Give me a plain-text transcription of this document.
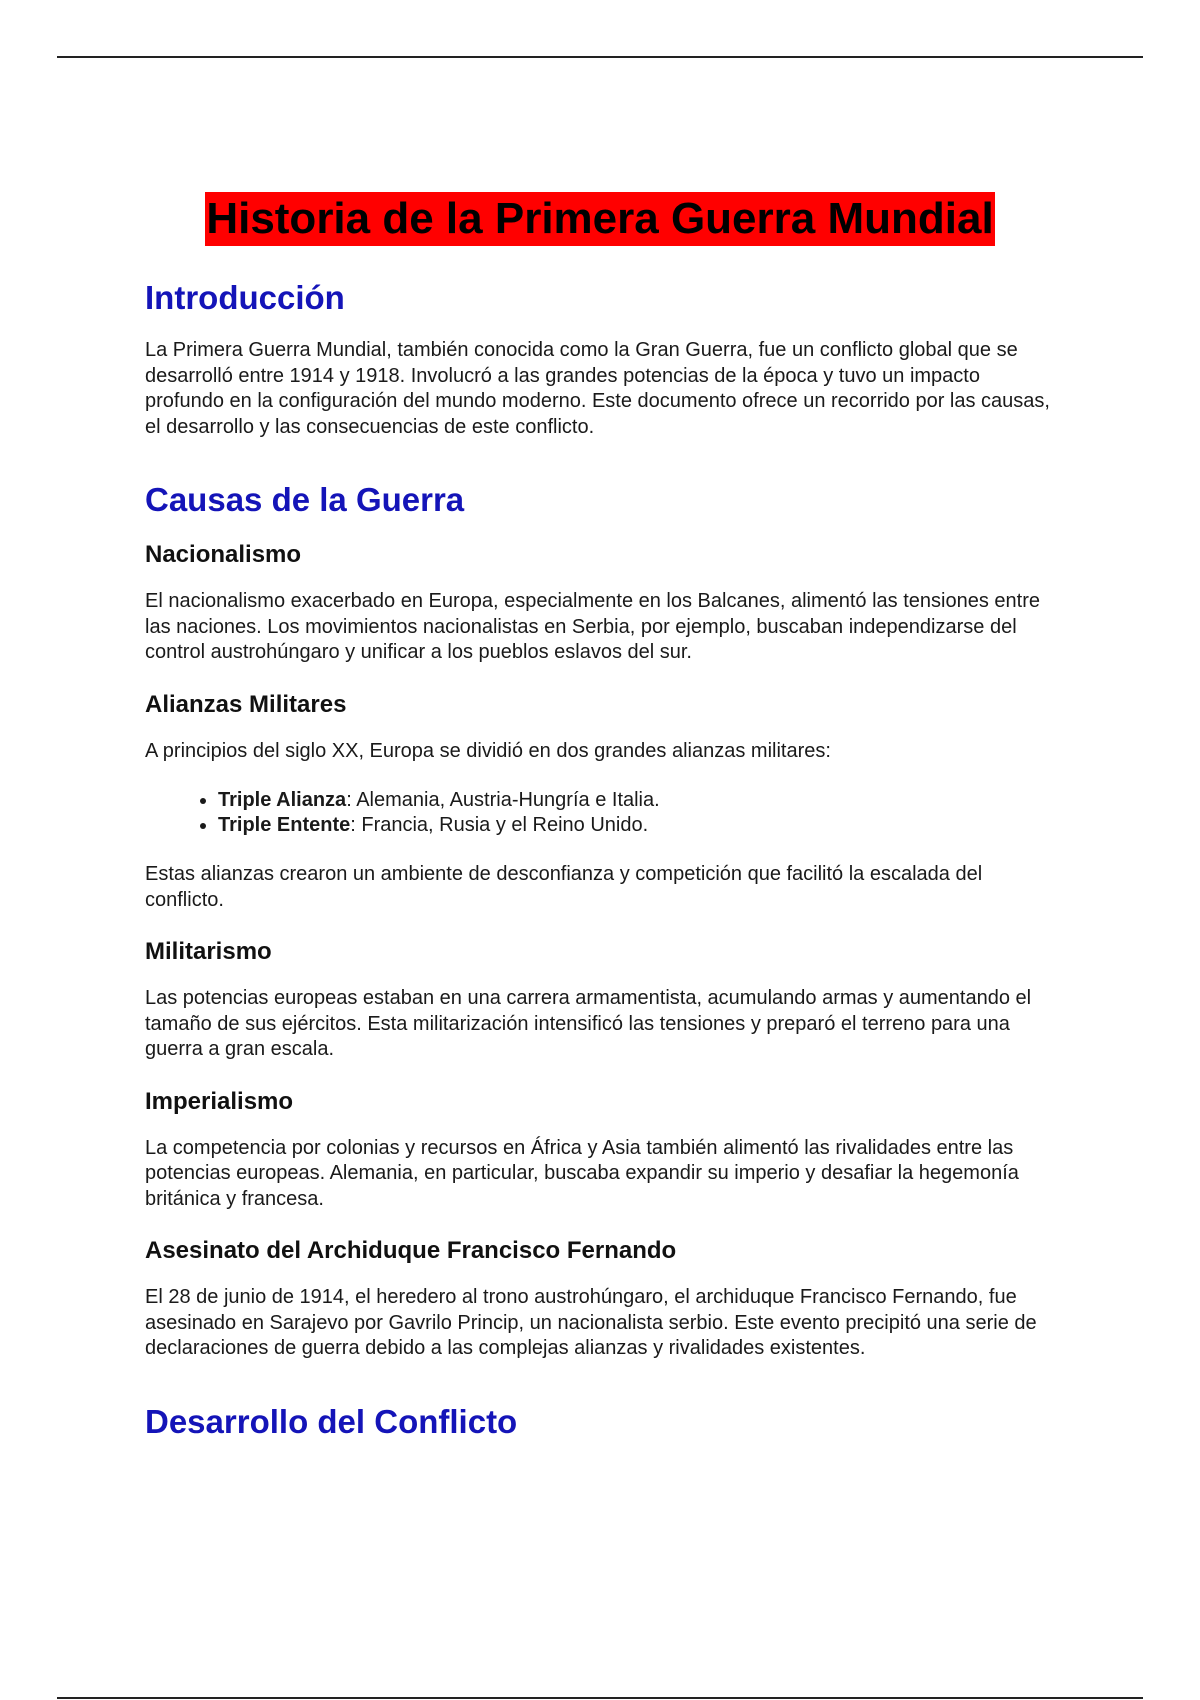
Historia de la Primera Guerra Mundial
Introducción

La Primera Guerra Mundial, también conocida como la Gran Guerra, fue un conflicto global que se desarrolló entre 1914 y 1918. Involucró a las grandes potencias de la época y tuvo un impacto profundo en la configuración del mundo moderno. Este documento ofrece un recorrido por las causas, el desarrollo y las consecuencias de este conflicto.

Causas de la Guerra
Nacionalismo

El nacionalismo exacerbado en Europa, especialmente en los Balcanes, alimentó las tensiones entre las naciones. Los movimientos nacionalistas en Serbia, por ejemplo, buscaban independizarse del control austrohúngaro y unificar a los pueblos eslavos del sur.

Alianzas Militares

A principios del siglo XX, Europa se dividió en dos grandes alianzas militares:

• Triple Alianza: Alemania, Austria-Hungría e Italia.
• Triple Entente: Francia, Rusia y el Reino Unido.

Estas alianzas crearon un ambiente de desconfianza y competición que facilitó la escalada del conflicto.

Militarismo

Las potencias europeas estaban en una carrera armamentista, acumulando armas y aumentando el tamaño de sus ejércitos. Esta militarización intensificó las tensiones y preparó el terreno para una guerra a gran escala.

Imperialismo

La competencia por colonias y recursos en África y Asia también alimentó las rivalidades entre las potencias europeas. Alemania, en particular, buscaba expandir su imperio y desafiar la hegemonía británica y francesa.

Asesinato del Archiduque Francisco Fernando

El 28 de junio de 1914, el heredero al trono austrohúngaro, el archiduque Francisco Fernando, fue asesinado en Sarajevo por Gavrilo Princip, un nacionalista serbio. Este evento precipitó una serie de declaraciones de guerra debido a las complejas alianzas y rivalidades existentes.

Desarrollo del Conflicto
